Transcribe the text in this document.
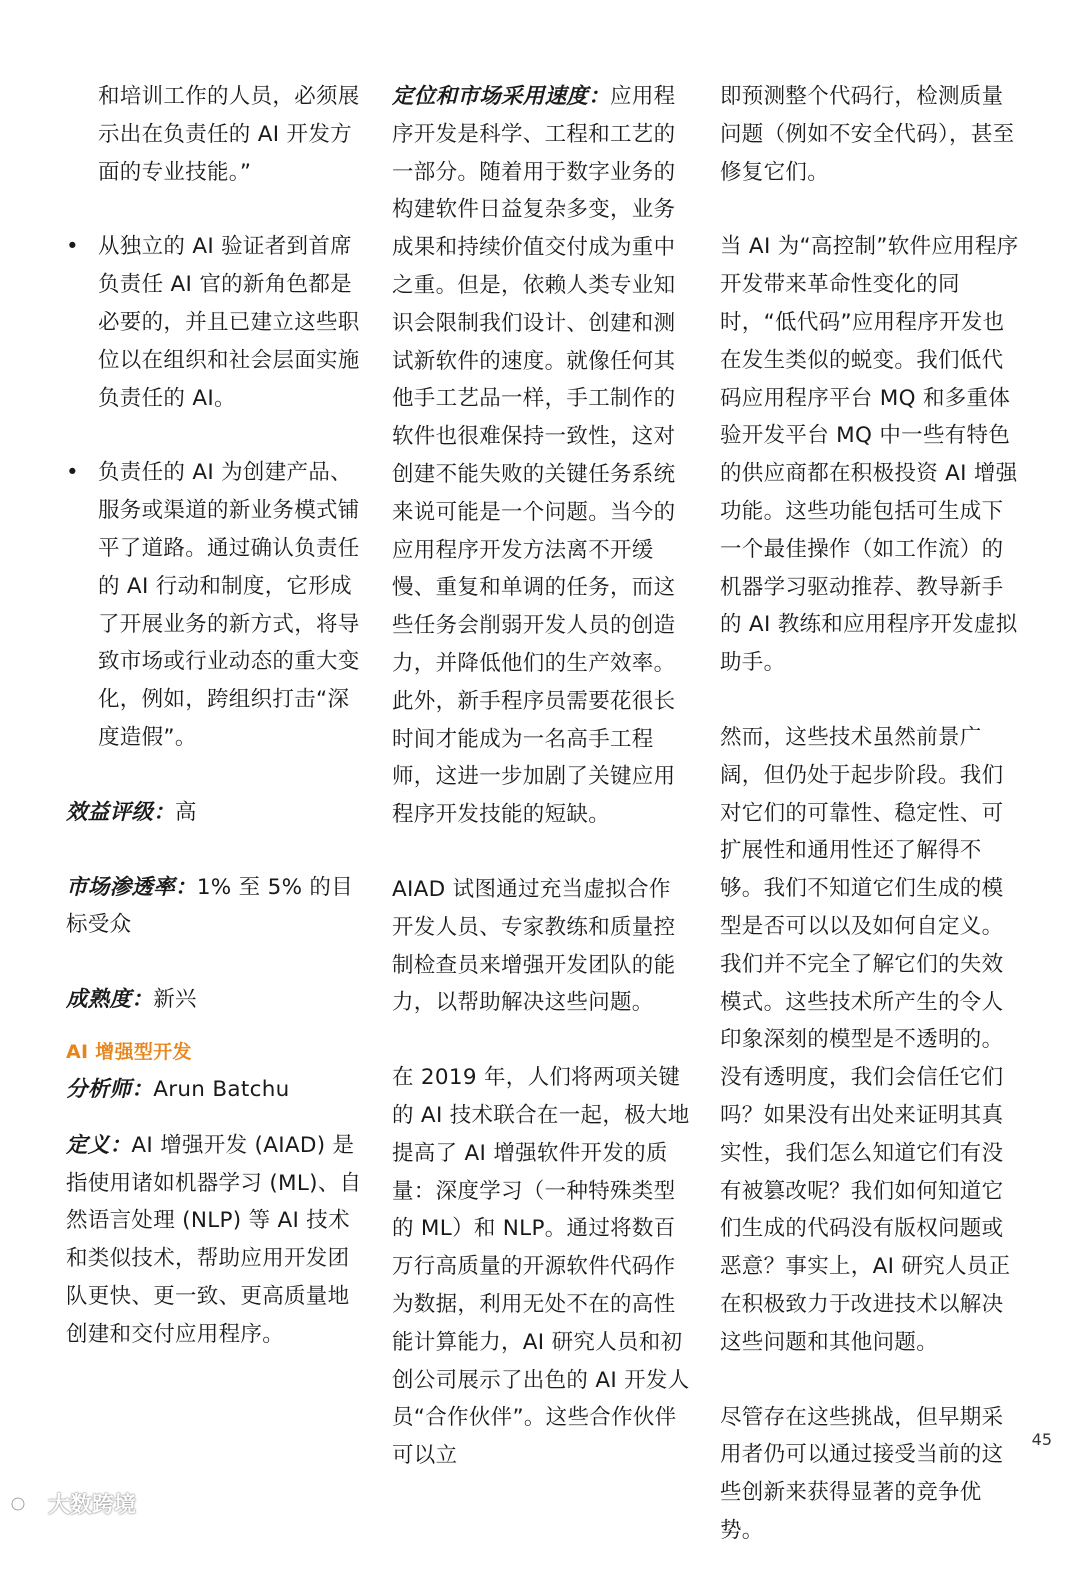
和培训工作的人员，必须展示出在负责任的 AI 开发方面的专业技能。”

• 从独立的 AI 验证者到首席负责任 AI 官的新角色都是必要的，并且已建立这些职位以在组织和社会层面实施负责任的 AI。
• 负责任的 AI 为创建产品、服务或渠道的新业务模式铺平了道路。通过确认负责任的 AI 行动和制度，它形成了开展业务的新方式，将导致市场或行业动态的重大变化，例如，跨组织打击“深度造假”。

效益评级：高

市场渗透率：1% 至 5% 的目标受众

成熟度：新兴

AI 增强型开发

分析师：Arun Batchu

定义：AI 增强开发 (AIAD) 是指使用诸如机器学习 (ML)、自然语言处理 (NLP) 等 AI 技术和类似技术，帮助应用开发团队更快、更一致、更高质量地创建和交付应用程序。

定位和市场采用速度：应用程序开发是科学、工程和工艺的一部分。随着用于数字业务的构建软件日益复杂多变，业务成果和持续价值交付成为重中之重。但是，依赖人类专业知识会限制我们设计、创建和测试新软件的速度。就像任何其他手工艺品一样，手工制作的软件也很难保持一致性，这对创建不能失败的关键任务系统来说可能是一个问题。当今的应用程序开发方法离不开缓慢、重复和单调的任务，而这些任务会削弱开发人员的创造力，并降低他们的生产效率。此外，新手程序员需要花很长时间才能成为一名高手工程师，这进一步加剧了关键应用程序开发技能的短缺。

AIAD 试图通过充当虚拟合作开发人员、专家教练和质量控制检查员来增强开发团队的能力，以帮助解决这些问题。

在 2019 年，人们将两项关键的 AI 技术联合在一起，极大地提高了 AI 增强软件开发的质量：深度学习（一种特殊类型的 ML）和 NLP。通过将数百万行高质量的开源软件代码作为数据，利用无处不在的高性能计算能力，AI 研究人员和初创公司展示了出色的 AI 开发人员“合作伙伴”。这些合作伙伴可以立

即预测整个代码行，检测质量问题（例如不安全代码），甚至修复它们。

当 AI 为“高控制”软件应用程序开发带来革命性变化的同时，“低代码”应用程序开发也在发生类似的蜕变。我们低代码应用程序平台 MQ 和多重体验开发平台 MQ 中一些有特色的供应商都在积极投资 AI 增强功能。这些功能包括可生成下一个最佳操作（如工作流）的机器学习驱动推荐、教导新手的 AI 教练和应用程序开发虚拟助手。

然而，这些技术虽然前景广阔，但仍处于起步阶段。我们对它们的可靠性、稳定性、可扩展性和通用性还了解得不够。我们不知道它们生成的模型是否可以以及如何自定义。我们并不完全了解它们的失效模式。这些技术所产生的令人印象深刻的模型是不透明的。没有透明度，我们会信任它们吗？如果没有出处来证明其真实性，我们怎么知道它们有没有被篡改呢？我们如何知道它们生成的代码没有版权问题或恶意？事实上，AI 研究人员正在积极致力于改进技术以解决这些问题和其他问题。

尽管存在这些挑战，但早期采用者仍可以通过接受当前的这些创新来获得显著的竞争优势。

45
大数跨境
